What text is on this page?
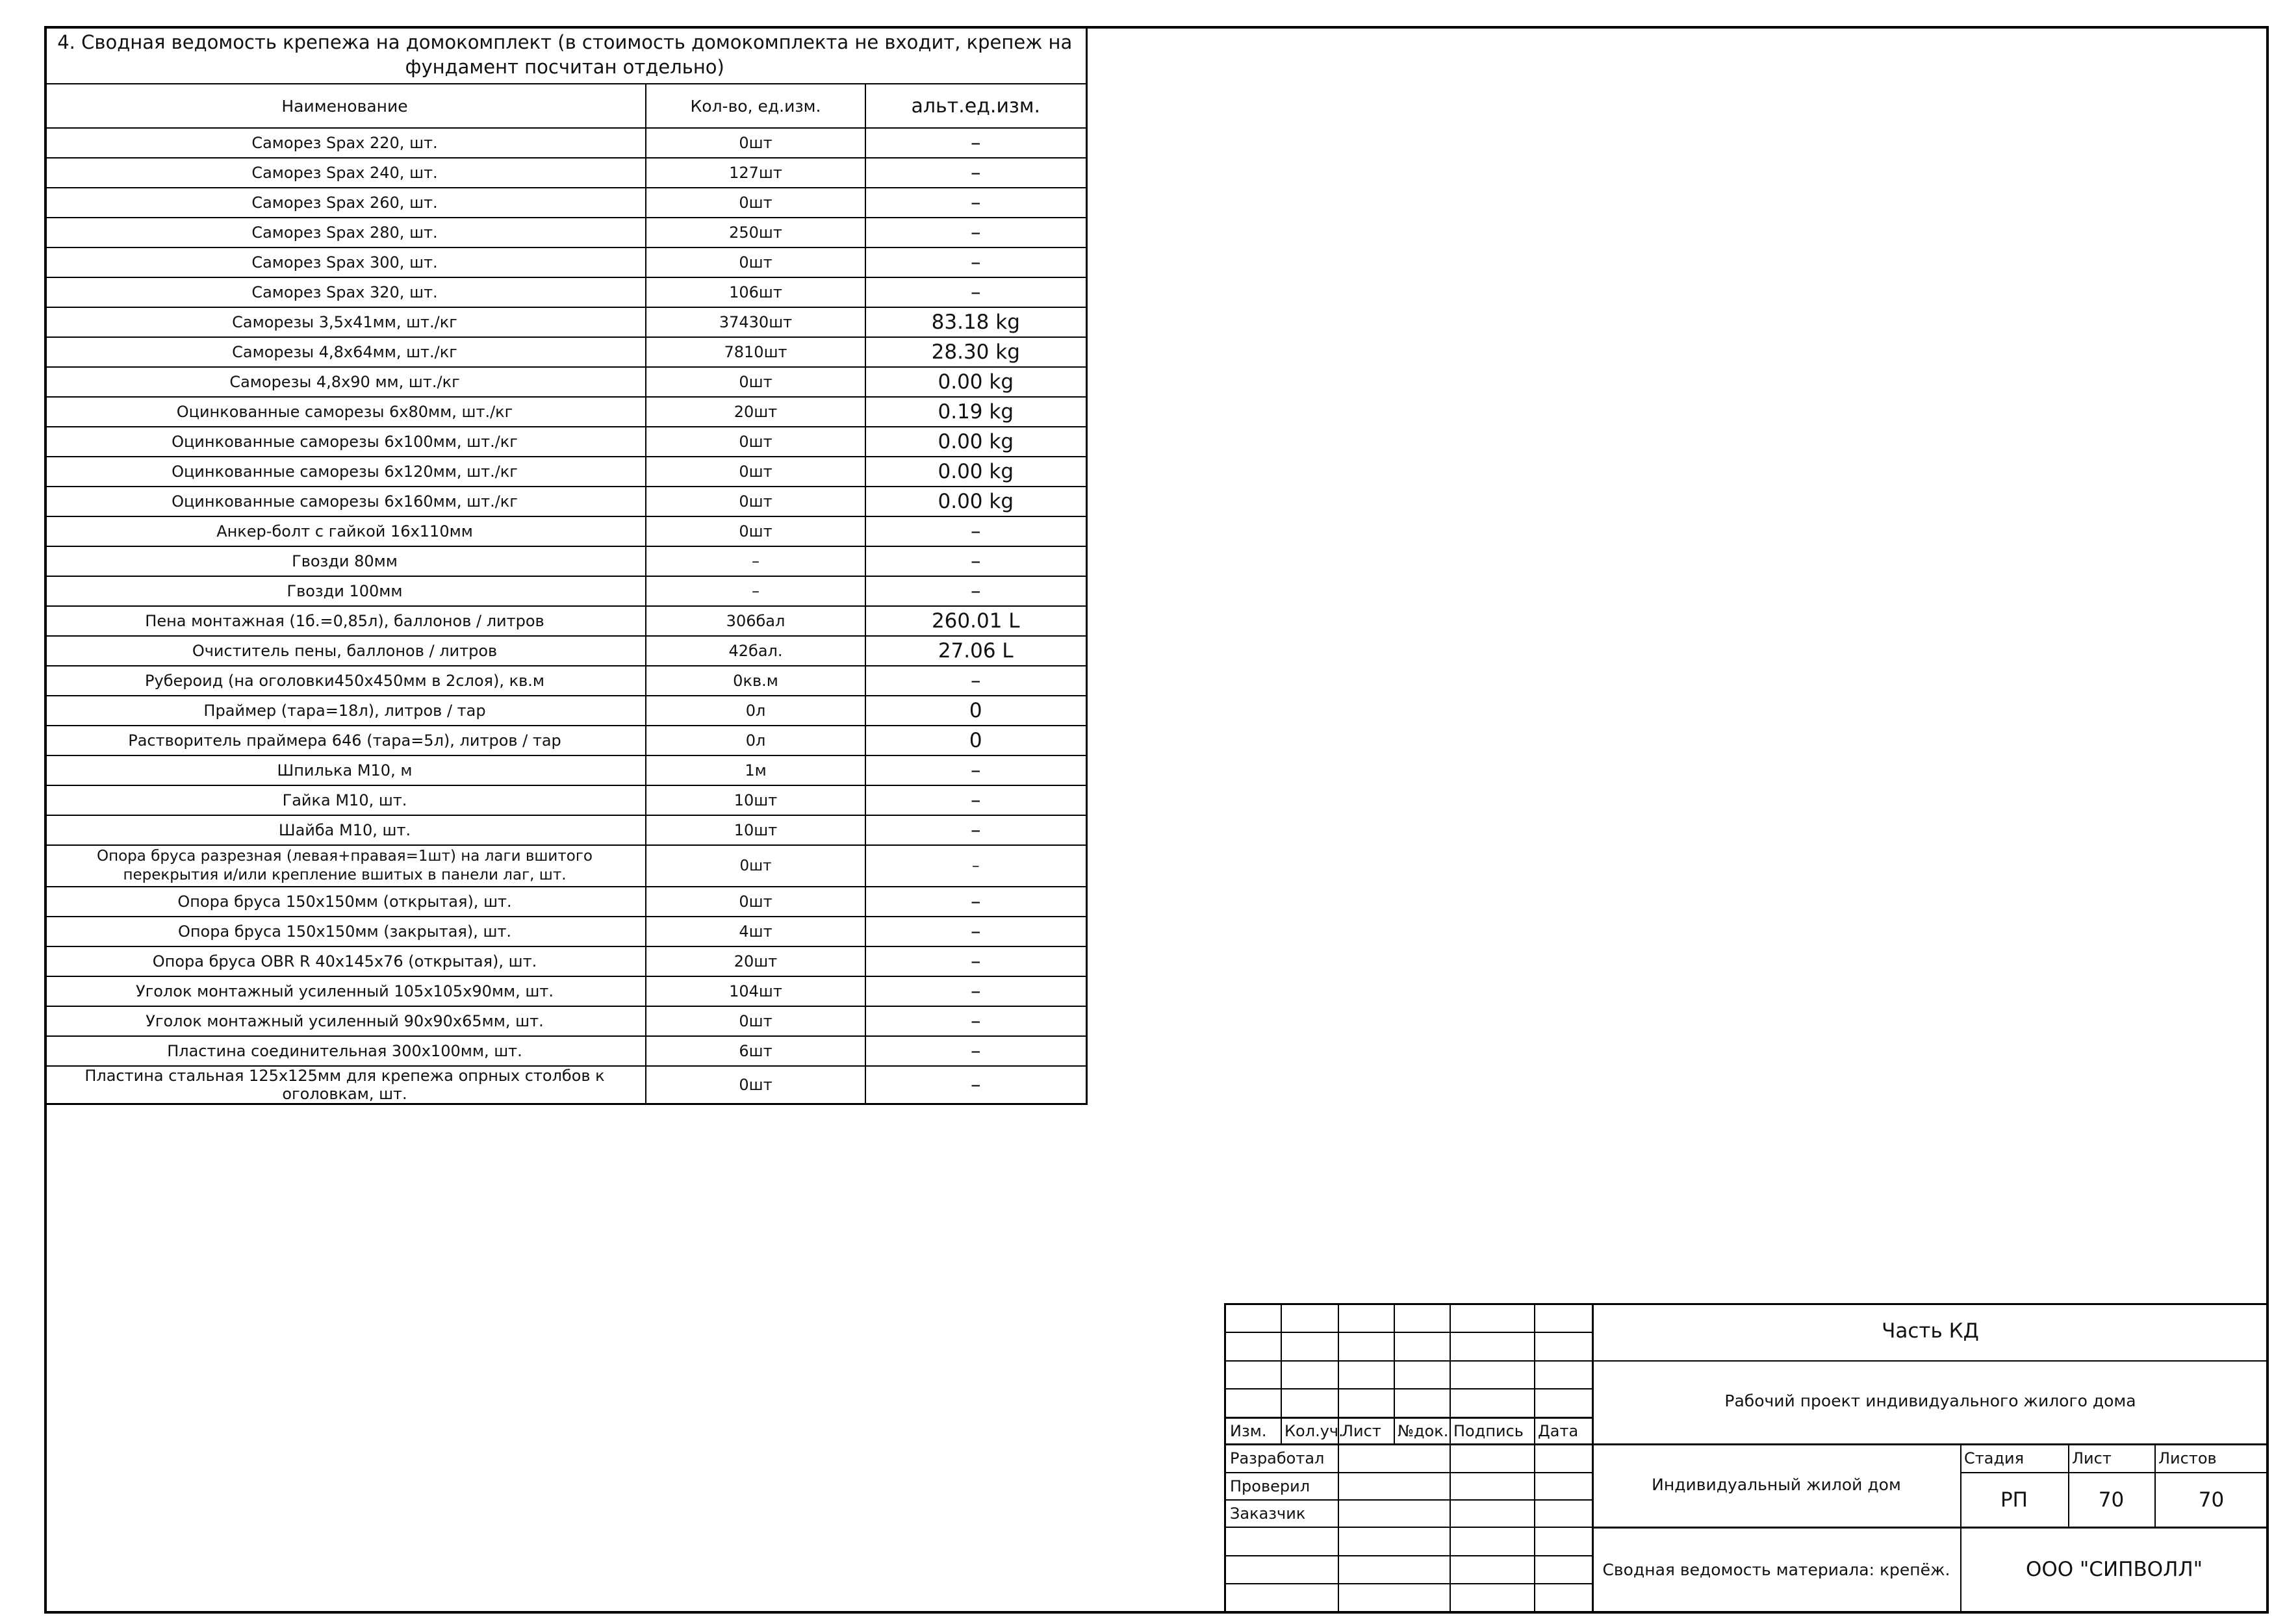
4. Сводная ведомость крепежа на домокомплект (в стоимость домокомплекта не входит, крепеж на фундамент посчитан отдельно)		
Наименование	Кол-во, ед.изм.	альт.ед.изм.
Саморез Spax 220, шт.	0шт	–
Саморез Spax 240, шт.	127шт	–
Саморез Spax 260, шт.	0шт	–
Саморез Spax 280, шт.	250шт	–
Саморез Spax 300, шт.	0шт	–
Саморез Spax 320, шт.	106шт	–
Саморезы 3,5х41мм, шт./кг	37430шт	83.18 kg
Саморезы 4,8х64мм, шт./кг	7810шт	28.30 kg
Саморезы 4,8х90 мм, шт./кг	0шт	0.00 kg
Оцинкованные саморезы 6х80мм, шт./кг	20шт	0.19 kg
Оцинкованные саморезы 6х100мм, шт./кг	0шт	0.00 kg
Оцинкованные саморезы 6х120мм, шт./кг	0шт	0.00 kg
Оцинкованные саморезы 6х160мм, шт./кг	0шт	0.00 kg
Анкер-болт с гайкой 16х110мм	0шт	–
Гвозди 80мм	–	–
Гвозди 100мм	–	–
Пена монтажная (1б.=0,85л), баллонов / литров	306бал	260.01 L
Очиститель пены, баллонов / литров	42бал.	27.06 L
Рубероид (на оголовки450х450мм в 2слоя), кв.м	0кв.м	–
Праймер (тара=18л), литров / тар	0л	0
Растворитель праймера 646 (тара=5л), литров / тар	0л	0
Шпилька М10, м	1м	–
Гайка М10, шт.	10шт	–
Шайба М10, шт.	10шт	–
Опора бруса разрезная (левая+правая=1шт) на лаги вшитого перекрытия и/или крепление вшитых в панели лаг, шт.	0шт	–
Опора бруса 150х150мм (открытая), шт.	0шт	–
Опора бруса 150х150мм (закрытая), шт.	4шт	–
Опора бруса OBR R 40х145х76 (открытая), шт.	20шт	–
Уголок монтажный усиленный 105х105х90мм, шт.	104шт	–
Уголок монтажный усиленный 90х90х65мм, шт.	0шт	–
Пластина соединительная 300х100мм, шт.	6шт	–
Пластина стальная 125х125мм для крепежа опрных столбов к оголовкам, шт.	0шт	–
Изм. Кол.уч.
Лист №док. Подпись Дата
Разработал
Проверил
Заказчик
Часть КД
Рабочий проект индивидуального жилого дома
Индивидуальный жилой дом
Сводная ведомость материала: крепёж.	ООО "СИПВОЛЛ"
Стадия	Лист	Листов
РП	70	70
